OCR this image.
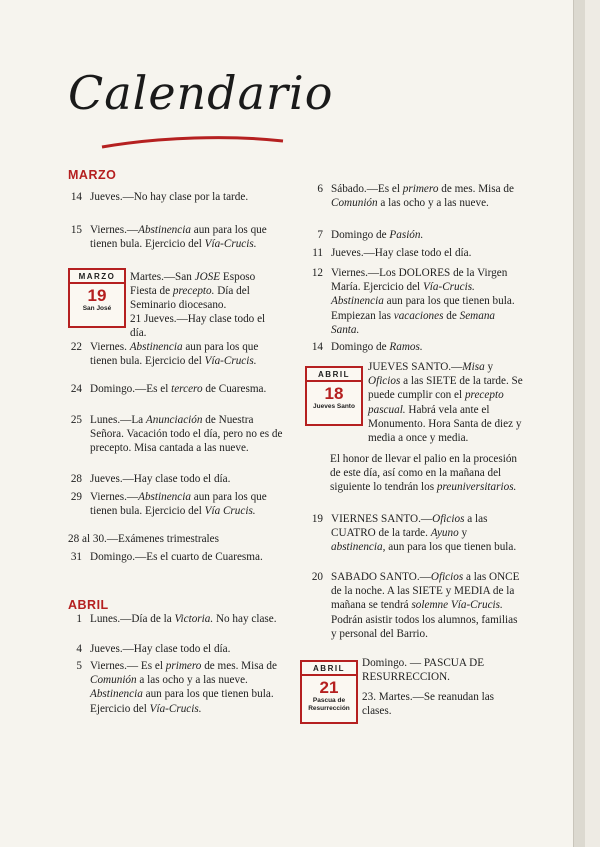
Calendario
MARZO
14 Jueves.—No hay clase por la tarde.
15 Viernes.—Abstinencia aun para los que tienen bula. Ejercicio del Vía-Crucis.
MARZO
19
San José
Martes.—San JOSE Esposo Fiesta de precepto. Día del Seminario diocesano.
21 Jueves.—Hay clase todo el día.
22 Viernes. Abstinencia aun para los que tienen bula. Ejercicio del Vía-Crucis.
24 Domingo.—Es el tercero de Cuaresma.
25 Lunes.—La Anunciación de Nuestra Señora. Vacación todo el día, pero no es de precepto. Misa cantada a las nueve.
28 Jueves.—Hay clase todo el día.
29 Viernes.—Abstinencia aun para los que tienen bula. Ejercicio del Vía Crucis.
28 al 30.—Exámenes trimestrales
31 Domingo.—Es el cuarto de Cuaresma.
ABRIL
1 Lunes.—Día de la Victoria. No hay clase.
4 Jueves.—Hay clase todo el día.
5 Viernes.— Es el primero de mes. Misa de Comunión a las ocho y a las nueve. Abstinencia aun para los que tienen bula. Ejercicio del Vía-Crucis.
6 Sábado.—Es el primero de mes. Misa de Comunión a las ocho y a las nueve.
7 Domingo de Pasión.
11 Jueves.—Hay clase todo el día.
12 Viernes.—Los DOLORES de la Virgen María. Ejercicio del Vía-Crucis. Abstinencia aun para los que tienen bula. Empiezan las vacaciones de Semana Santa.
14 Domingo de Ramos.
ABRIL
18
Jueves Santo
JUEVES SANTO.—Misa y Oficios a las SIETE de la tarde. Se puede cumplir con el precepto pascual. Habrá vela ante el Monumento. Hora Santa de diez y media a once y media.
El honor de llevar el palio en la procesión de este día, así como en la mañana del siguiente lo tendrán los preuniversitarios.
19 VIERNES SANTO.—Oficios a las CUATRO de la tarde. Ayuno y abstinencia, aun para los que tienen bula.
20 SABADO SANTO.—Oficios a las ONCE de la noche. A las SIETE y MEDIA de la mañana se tendrá solemne Vía-Crucis. Podrán asistir todos los alumnos, familias y personal del Barrio.
ABRIL
21
Pascua de Resurrección
Domingo. — PASCUA DE RESURRECCION.
23. Martes.—Se reanudan las clases.
